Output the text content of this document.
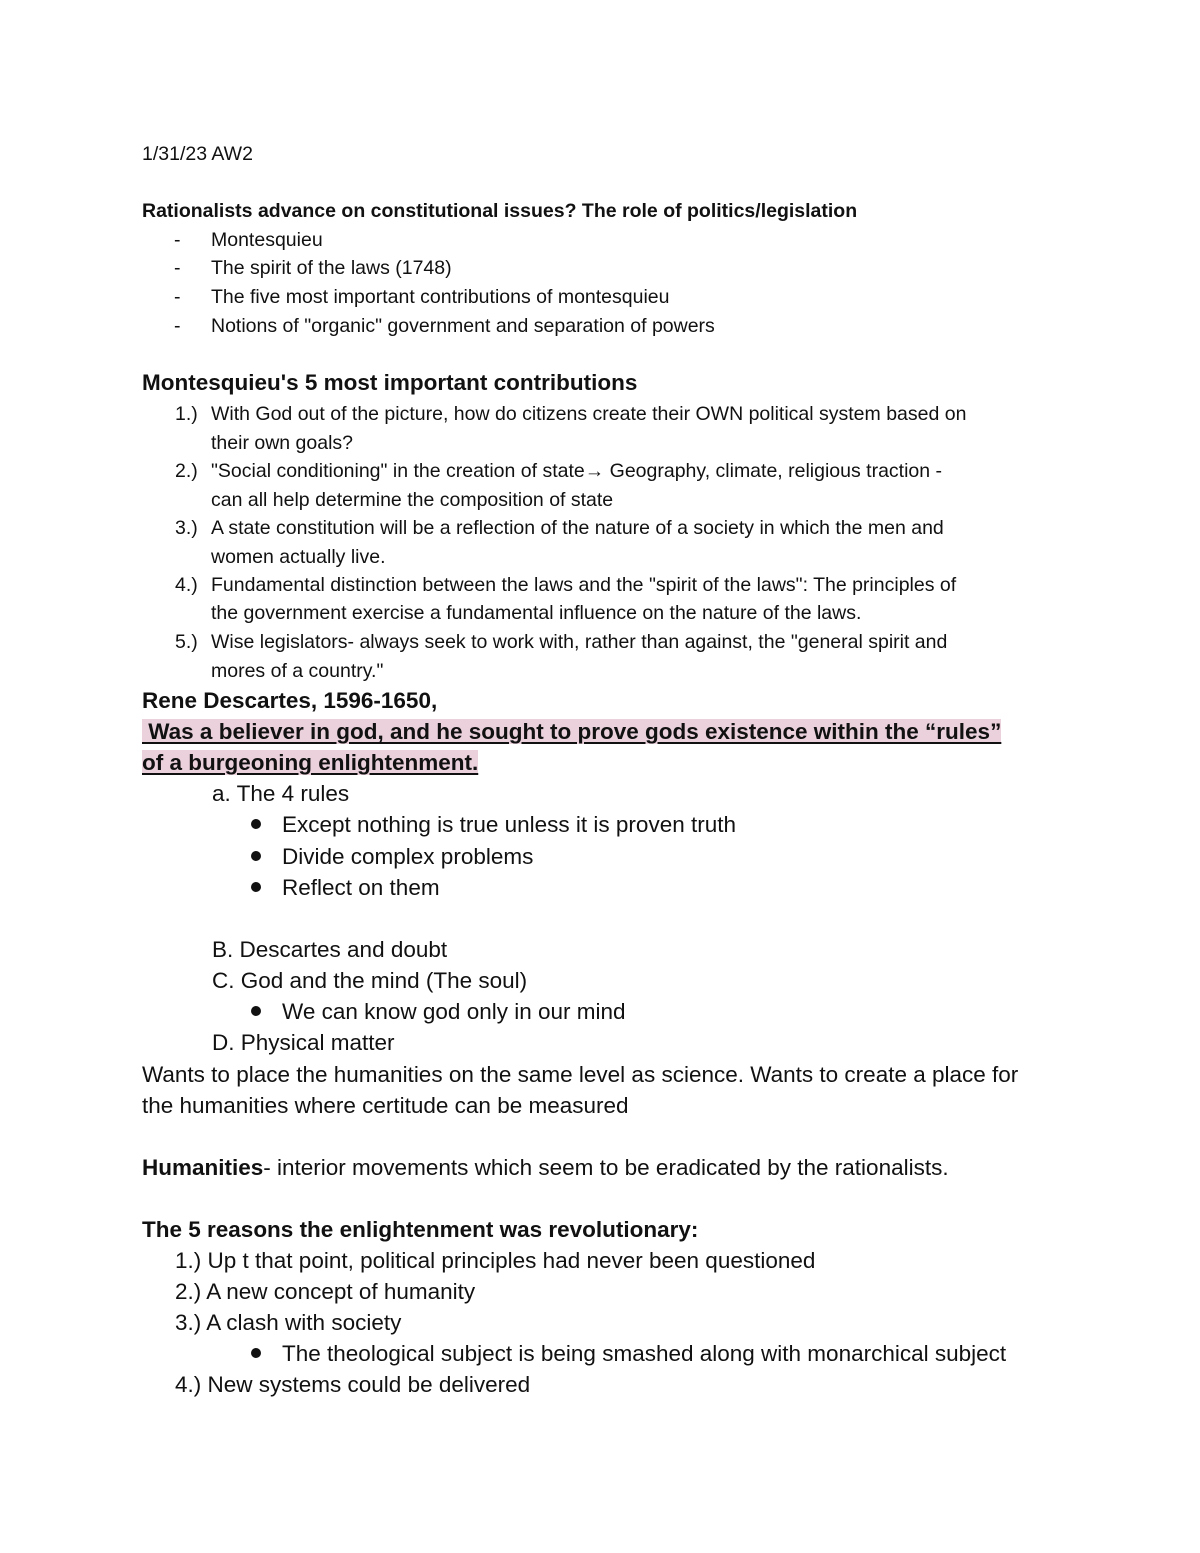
1/31/23 AW2
Rationalists advance on constitutional issues? The role of politics/legislation
- Montesquieu
- The spirit of the laws (1748)
- The five most important contributions of montesquieu
- Notions of "organic" government and separation of powers
Montesquieu's 5 most important contributions
1.) With God out of the picture, how do citizens create their OWN political system based on
their own goals?
2.) "Social conditioning" in the creation of state→ Geography, climate, religious traction -
can all help determine the composition of state
3.) A state constitution will be a reflection of the nature of a society in which the men and
women actually live.
4.) Fundamental distinction between the laws and the "spirit of the laws": The principles of
the government exercise a fundamental influence on the nature of the laws.
5.) Wise legislators- always seek to work with, rather than against, the "general spirit and
mores of a country."
Rene Descartes, 1596-1650,
Was a believer in god, and he sought to prove gods existence within the “rules”
of a burgeoning enlightenment.
a. The 4 rules
Except nothing is true unless it is proven truth
Divide complex problems
Reflect on them
B. Descartes and doubt
C. God and the mind (The soul)
We can know god only in our mind
D. Physical matter
Wants to place the humanities on the same level as science. Wants to create a place for
the humanities where certitude can be measured
Humanities- interior movements which seem to be eradicated by the rationalists.
The 5 reasons the enlightenment was revolutionary:
1.) Up t that point, political principles had never been questioned
2.) A new concept of humanity
3.) A clash with society
The theological subject is being smashed along with monarchical subject
4.) New systems could be delivered
